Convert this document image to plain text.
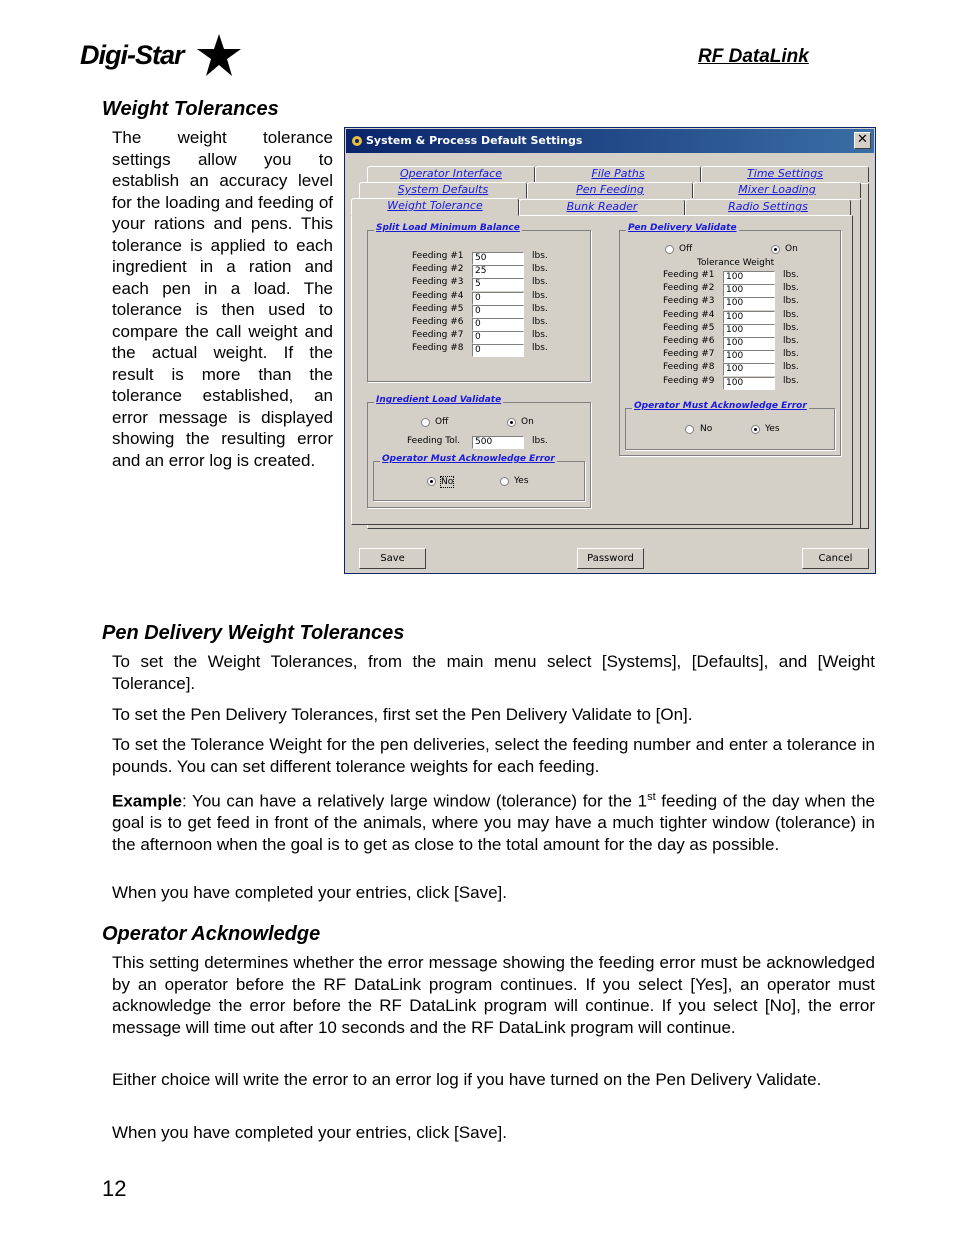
Digi-Star	RF DataLink
Weight Tolerances
The weight tolerance settings allow you to establish an accuracy level for the loading and feeding of your rations and pens. This tolerance is applied to each ingredient in a ration and each pen in a load. The tolerance is then used to compare the call weight and the actual weight. If the result is more than the tolerance established, an error message is displayed showing the resulting error and an error log is created.
System & Process Default Settings	✕
Operator Interface	File Paths	Time Settings
System Defaults	Pen Feeding	Mixer Loading
Weight Tolerance	Bunk Reader	Radio Settings
Split Load Minimum Balance
Ingredient Load Validate
Off	On
Feeding Tol.	500	lbs.
Operator Must Acknowledge Error
No	Yes
Pen Delivery Validate
Off	On
Tolerance Weight
Operator Must Acknowledge Error
No	Yes
Save	Password	Cancel
Feeding #1	50	lbs.
Feeding #2	25	lbs.
Feeding #3	5	lbs.
Feeding #4	0	lbs.
Feeding #5	0	lbs.
Feeding #6	0	lbs.
Feeding #7	0	lbs.
Feeding #8	0	lbs.
Feeding #1	100	lbs.
Feeding #2	100	lbs.
Feeding #3	100	lbs.
Feeding #4	100	lbs.
Feeding #5	100	lbs.
Feeding #6	100	lbs.
Feeding #7	100	lbs.
Feeding #8	100	lbs.
Feeding #9	100	lbs.
Pen Delivery Weight Tolerances
To set the Weight Tolerances, from the main menu select [Systems], [Defaults], and [Weight Tolerance].
To set the Pen Delivery Tolerances, first set the Pen Delivery Validate to [On].
To set the Tolerance Weight for the pen deliveries, select the feeding number and enter a tolerance in pounds. You can set different tolerance weights for each feeding.
Example: You can have a relatively large window (tolerance) for the 1st feeding of the day when the goal is to get feed in front of the animals, where you may have a much tighter window (tolerance) in the afternoon when the goal is to get as close to the total amount for the day as possible.
When you have completed your entries, click [Save].
Operator Acknowledge
This setting determines whether the error message showing the feeding error must be acknowledged by an operator before the RF DataLink program continues. If you select [Yes], an operator must acknowledge the error before the RF DataLink program will continue. If you select [No], the error message will time out after 10 seconds and the RF DataLink program will continue.
Either choice will write the error to an error log if you have turned on the Pen Delivery Validate.
When you have completed your entries, click [Save].
12
